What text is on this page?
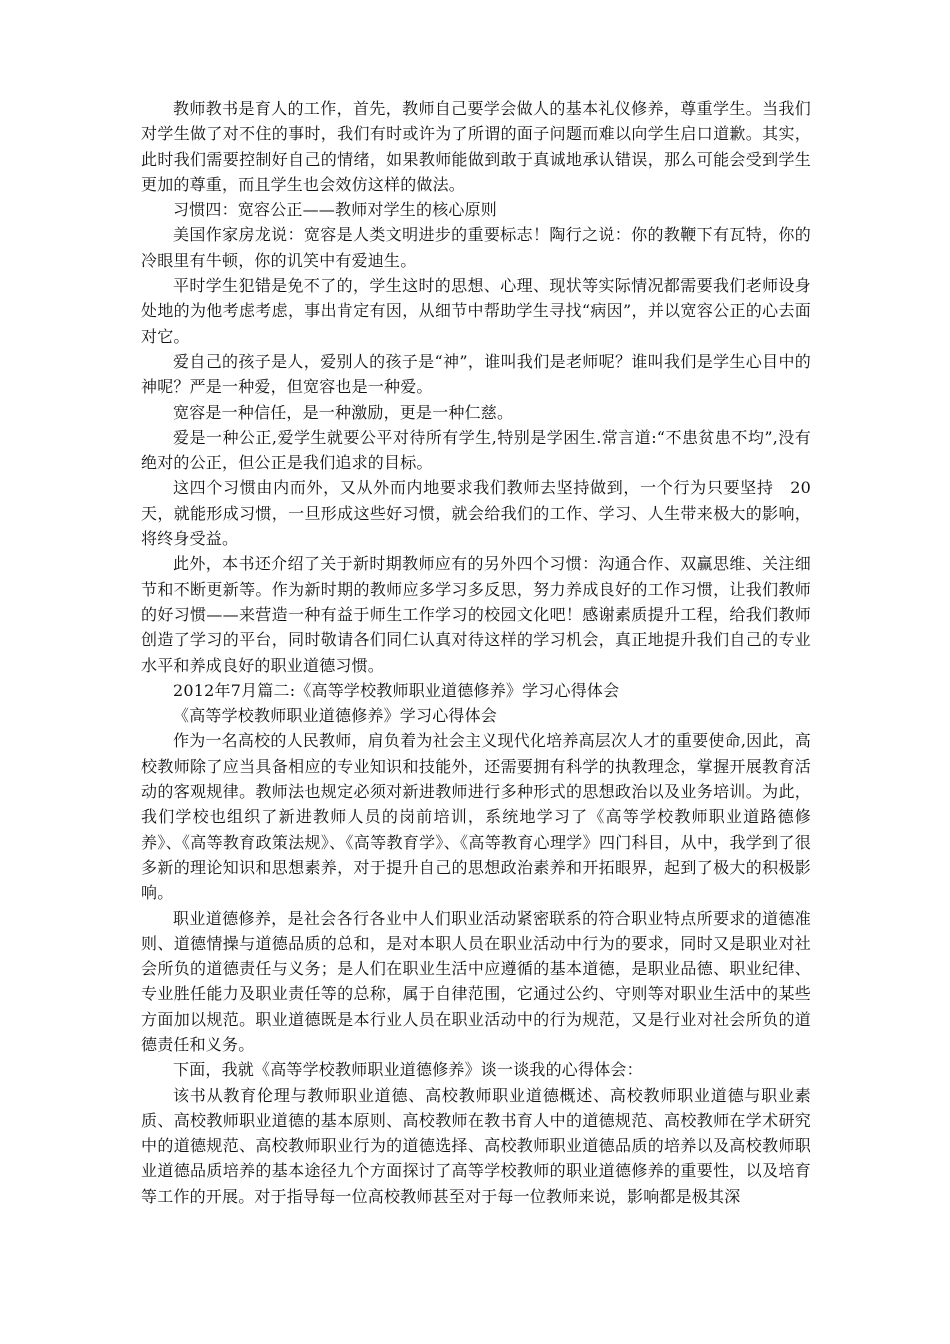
教师教书是育人的工作，首先，教师自己要学会做人的基本礼仪修养，尊重学生。当我们对学生做了对不住的事时，我们有时或许为了所谓的面子问题而难以向学生启口道歉。其实，此时我们需要控制好自己的情绪，如果教师能做到敢于真诚地承认错误，那么可能会受到学生更加的尊重，而且学生也会效仿这样的做法。

习惯四：宽容公正——教师对学生的核心原则

美国作家房龙说：宽容是人类文明进步的重要标志！陶行之说：你的教鞭下有瓦特，你的冷眼里有牛顿，你的讥笑中有爱迪生。

平时学生犯错是免不了的，学生这时的思想、心理、现状等实际情况都需要我们老师设身处地的为他考虑考虑，事出肯定有因，从细节中帮助学生寻找“病因”，并以宽容公正的心去面对它。

爱自己的孩子是人，爱别人的孩子是“神”，谁叫我们是老师呢？谁叫我们是学生心目中的神呢？严是一种爱，但宽容也是一种爱。

宽容是一种信任，是一种激励，更是一种仁慈。

爱是一种公正,爱学生就要公平对待所有学生,特别是学困生.常言道:“不患贫患不均”,没有绝对的公正，但公正是我们追求的目标。

这四个习惯由内而外，又从外而内地要求我们教师去坚持做到，一个行为只要坚持　20天，就能形成习惯，一旦形成这些好习惯，就会给我们的工作、学习、人生带来极大的影响，将终身受益。

此外，本书还介绍了关于新时期教师应有的另外四个习惯：沟通合作、双赢思维、关注细节和不断更新等。作为新时期的教师应多学习多反思，努力养成良好的工作习惯，让我们教师的好习惯——来营造一种有益于师生工作学习的校园文化吧！感谢素质提升工程，给我们教师创造了学习的平台，同时敬请各们同仁认真对待这样的学习机会，真正地提升我们自己的专业水平和养成良好的职业道德习惯。

2012年7月篇二:《高等学校教师职业道德修养》学习心得体会

《高等学校教师职业道德修养》学习心得体会

作为一名高校的人民教师，肩负着为社会主义现代化培养高层次人才的重要使命,因此，高校教师除了应当具备相应的专业知识和技能外，还需要拥有科学的执教理念，掌握开展教育活动的客观规律。教师法也规定必须对新进教师进行多种形式的思想政治以及业务培训。为此，我们学校也组织了新进教师人员的岗前培训，系统地学习了《高等学校教师职业道路德修养》、《高等教育政策法规》、《高等教育学》、《高等教育心理学》四门科目，从中，我学到了很多新的理论知识和思想素养，对于提升自己的思想政治素养和开拓眼界，起到了极大的积极影响。

职业道德修养，是社会各行各业中人们职业活动紧密联系的符合职业特点所要求的道德准则、道德情操与道德品质的总和，是对本职人员在职业活动中行为的要求，同时又是职业对社会所负的道德责任与义务；是人们在职业生活中应遵循的基本道德，是职业品德、职业纪律、专业胜任能力及职业责任等的总称，属于自律范围，它通过公约、守则等对职业生活中的某些方面加以规范。职业道德既是本行业人员在职业活动中的行为规范，又是行业对社会所负的道德责任和义务。

下面，我就《高等学校教师职业道德修养》谈一谈我的心得体会：

该书从教育伦理与教师职业道德、高校教师职业道德概述、高校教师职业道德与职业素质、高校教师职业道德的基本原则、高校教师在教书育人中的道德规范、高校教师在学术研究中的道德规范、高校教师职业行为的道德选择、高校教师职业道德品质的培养以及高校教师职业道德品质培养的基本途径九个方面探讨了高等学校教师的职业道德修养的重要性，以及培育等工作的开展。对于指导每一位高校教师甚至对于每一位教师来说，影响都是极其深
